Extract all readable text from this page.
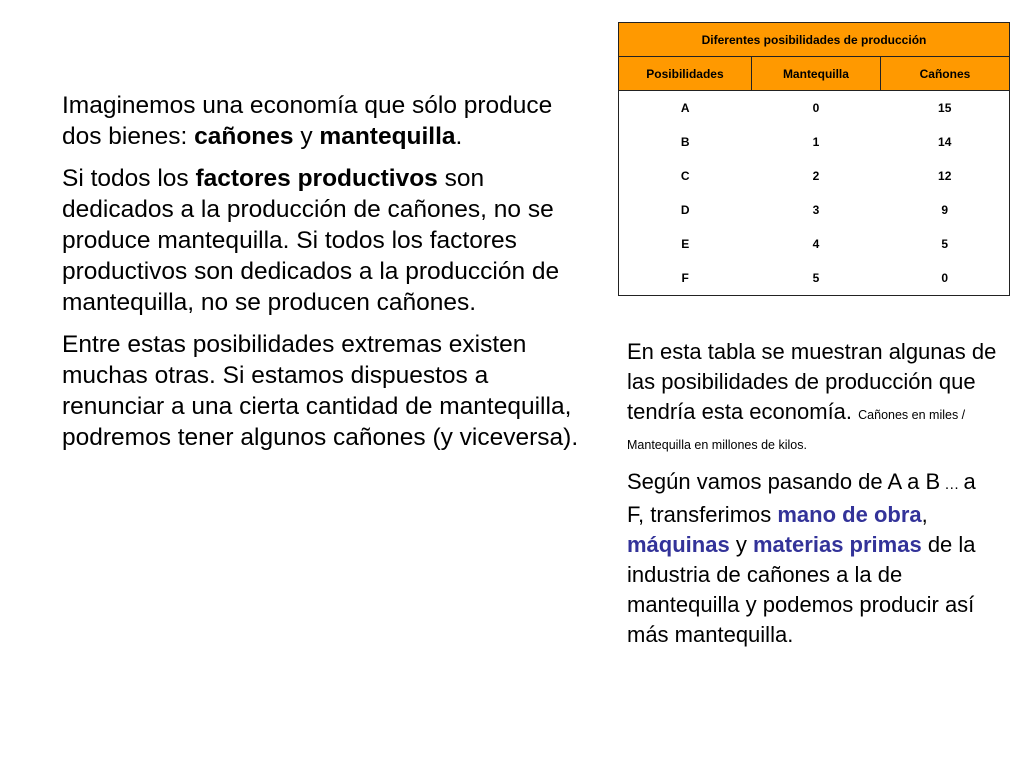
Imaginemos una economía que sólo produce dos bienes: cañones y mantequilla.

Si todos los factores productivos son dedicados a la producción de cañones, no se produce mantequilla. Si todos los factores productivos son dedicados a la producción de mantequilla, no se producen cañones.

Entre estas posibilidades extremas existen muchas otras. Si estamos dispuestos a renunciar a una cierta cantidad de mantequilla, podremos tener algunos cañones (y viceversa).

Diferentes posibilidades de producción		
Posibilidades	Mantequilla	Cañones
A	0	15
B	1	14
C	2	12
D	3	9
E	4	5
F	5	0

En esta tabla se muestran algunas de las posibilidades de producción que tendría esta economía. Cañones en miles / Mantequilla en millones de kilos.

Según vamos pasando de A a B … a F, transferimos mano de obra, máquinas y materias primas de la industria de cañones a la de mantequilla y podemos producir así más mantequilla.
